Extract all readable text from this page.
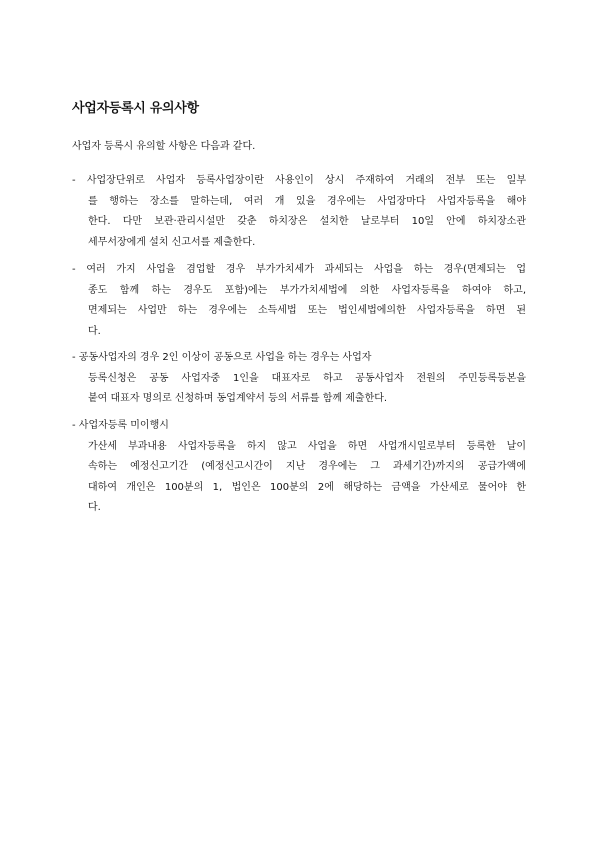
사업자등록시 유의사항
사업자 등록시 유의할 사항은 다음과 같다.
- 사업장단위로 사업자 등록사업장이란 사용인이 상시 주재하여 거래의 전부 또는 일부
를 행하는 장소를 말하는데, 여러 개 있을 경우에는 사업장마다 사업자등록을 해야
한다. 다만 보관·관리시설만 갖춘 하치장은 설치한 날로부터 10일 안에 하치장소관
세무서장에게 설치 신고서를 제출한다.
- 여러 가지 사업을 겸업할 경우 부가가치세가 과세되는 사업을 하는 경우(면제되는 업
종도 함께 하는 경우도 포함)에는 부가가치세법에 의한 사업자등록을 하여야 하고,
면제되는 사업만 하는 경우에는 소득세법 또는 법인세법에의한 사업자등록을 하면 된
다.
- 공동사업자의 경우 2인 이상이 공동으로 사업을 하는 경우는 사업자
등록신청은 공동 사업자중 1인을 대표자로 하고 공동사업자 전원의 주민등록등본을
붙여 대표자 명의로 신청하며 동업계약서 등의 서류를 함께 제출한다.
- 사업자등록 미이행시
가산세 부과내용 사업자등록을 하지 않고 사업을 하면 사업개시일로부터 등록한 날이
속하는 예정신고기간 (예정신고시간이 지난 경우에는 그 과세기간)까지의 공급가액에
대하여 개인은 100분의 1, 법인은 100분의 2에 해당하는 금액을 가산세로 물어야 한
다.
